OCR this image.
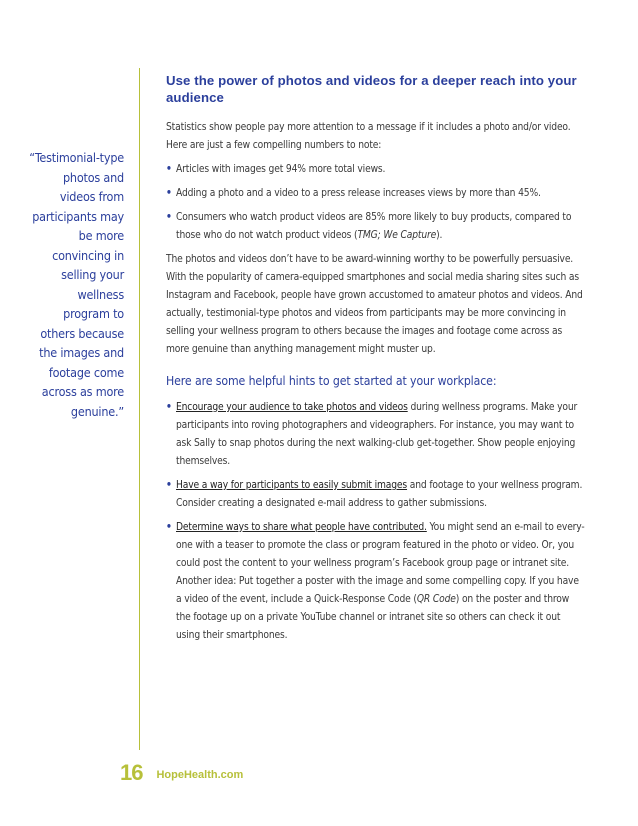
“Testimonial-type photos and videos from participants may be more convincing in selling your wellness program to others because the images and footage come across as more genuine.”
Use the power of photos and videos for a deeper reach into your audience

Statistics show people pay more attention to a message if it includes a photo and/or video. Here are just a few compelling numbers to note:

• Articles with images get 94% more total views.
• Adding a photo and a video to a press release increases views by more than 45%.
• Consumers who watch product videos are 85% more likely to buy products, compared to those who do not watch product videos (TMG; We Capture).

The photos and videos don’t have to be award-winning worthy to be powerfully persuasive. With the popularity of camera-equipped smartphones and social media sharing sites such as Instagram and Facebook, people have grown accustomed to amateur photos and videos. And actually, testimonial-type photos and videos from participants may be more convincing in selling your wellness program to others because the images and footage come across as more genuine than anything management might muster up.

Here are some helpful hints to get started at your workplace:
• Encourage your audience to take photos and videos during wellness programs. Make your participants into roving photographers and videographers. For instance, you may want to ask Sally to snap photos during the next walking-club get-together. Show people enjoying themselves.
• Have a way for participants to easily submit images and footage to your wellness program. Consider creating a designated e-mail address to gather submissions.
• Determine ways to share what people have contributed. You might send an e-mail to every-one with a teaser to promote the class or program featured in the photo or video. Or, you could post the content to your wellness program’s Facebook group page or intranet site. Another idea: Put together a poster with the image and some compelling copy. If you have a video of the event, include a Quick-Response Code (QR Code) on the poster and throw the footage up on a private YouTube channel or intranet site so others can check it out using their smartphones.
16 HopeHealth.com
